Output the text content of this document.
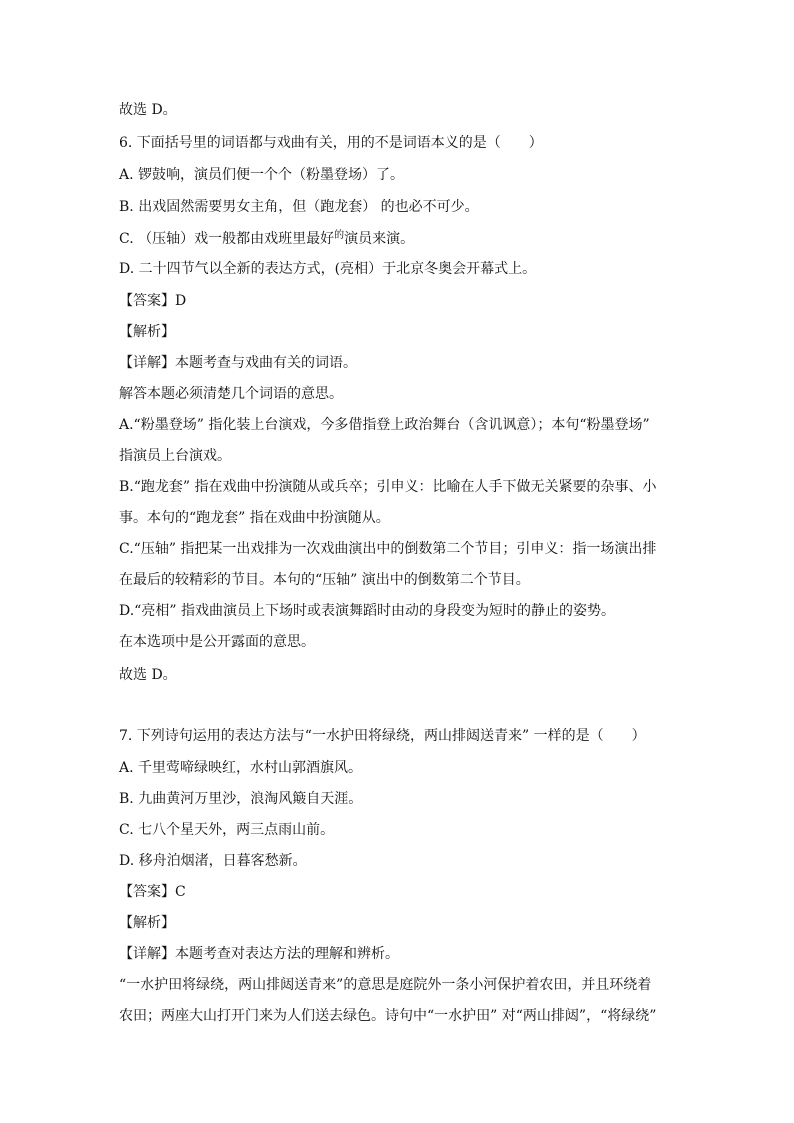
故选 D。
6. 下面括号里的词语都与戏曲有关，用的不是词语本义的是（　　）
A. 锣鼓响，演员们便一个个（粉墨登场）了。
B. 出戏固然需要男女主角，但（跑龙套） 的也必不可少。
C. （压轴）戏一般都由戏班里最好$^的$演员来演。
D. 二十四节气以全新的表达方式，(亮相）于北京冬奥会开幕式上。
【答案】D
【解析】
【详解】本题考查与戏曲有关的词语。
解答本题必须清楚几个词语的意思。
A.“粉墨登场” 指化装上台演戏，今多借指登上政治舞台（含讥讽意）；本句“粉墨登场”
指演员上台演戏。
B.“跑龙套” 指在戏曲中扮演随从或兵卒；引申义：比喻在人手下做无关紧要的杂事、小
事。本句的“跑龙套” 指在戏曲中扮演随从。
C.“压轴” 指把某一出戏排为一次戏曲演出中的倒数第二个节目；引申义：指一场演出排
在最后的较精彩的节目。本句的“压轴” 演出中的倒数第二个节目。
D.“亮相” 指戏曲演员上下场时或表演舞蹈时由动的身段变为短时的静止的姿势。
在本选项中是公开露面的意思。
故选 D。
7. 下列诗句运用的表达方法与“一水护田将绿绕，两山排闼送青来” 一样的是（　　）
A. 千里莺啼绿映红，水村山郭酒旗风。
B. 九曲黄河万里沙，浪淘风簸自天涯。
C. 七八个星天外，两三点雨山前。
D. 移舟泊烟渚，日暮客愁新。
【答案】C
【解析】
【详解】本题考查对表达方法的理解和辨析。
“一水护田将绿绕，两山排闼送青来”的意思是庭院外一条小河保护着农田，并且环绕着
农田；两座大山打开门来为人们送去绿色。诗句中“一水护田” 对“两山排闼”，“将绿绕”
